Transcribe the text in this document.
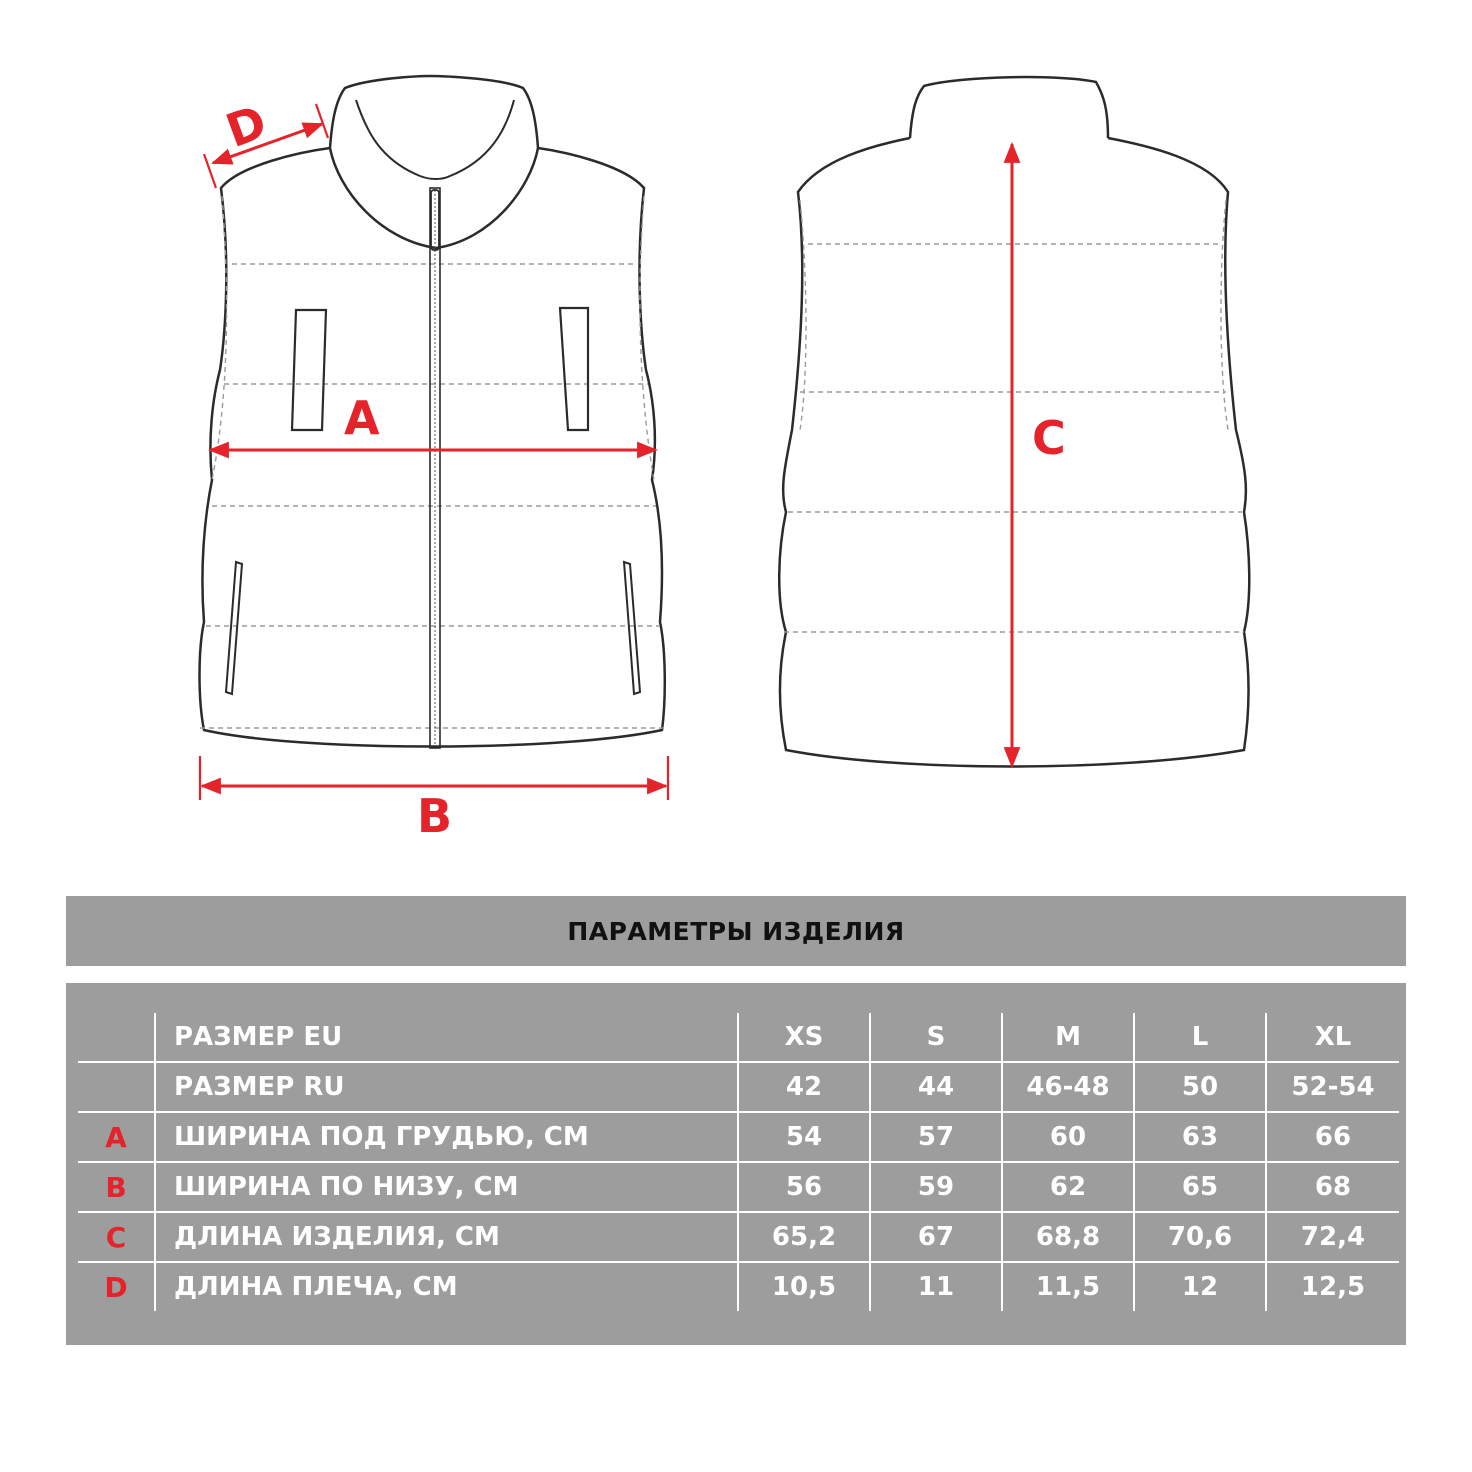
D
A
B
C
ПАРАМЕТРЫ ИЗДЕЛИЯ
	РАЗМЕР EU	XS	S	M	L	XL
	РАЗМЕР RU	42	44	46-48	50	52-54
A	ШИРИНА ПОД ГРУДЬЮ, СМ	54	57	60	63	66
B	ШИРИНА ПО НИЗУ, СМ	56	59	62	65	68
C	ДЛИНА ИЗДЕЛИЯ, СМ	65,2	67	68,8	70,6	72,4
D	ДЛИНА ПЛЕЧА, СМ	10,5	11	11,5	12	12,5
